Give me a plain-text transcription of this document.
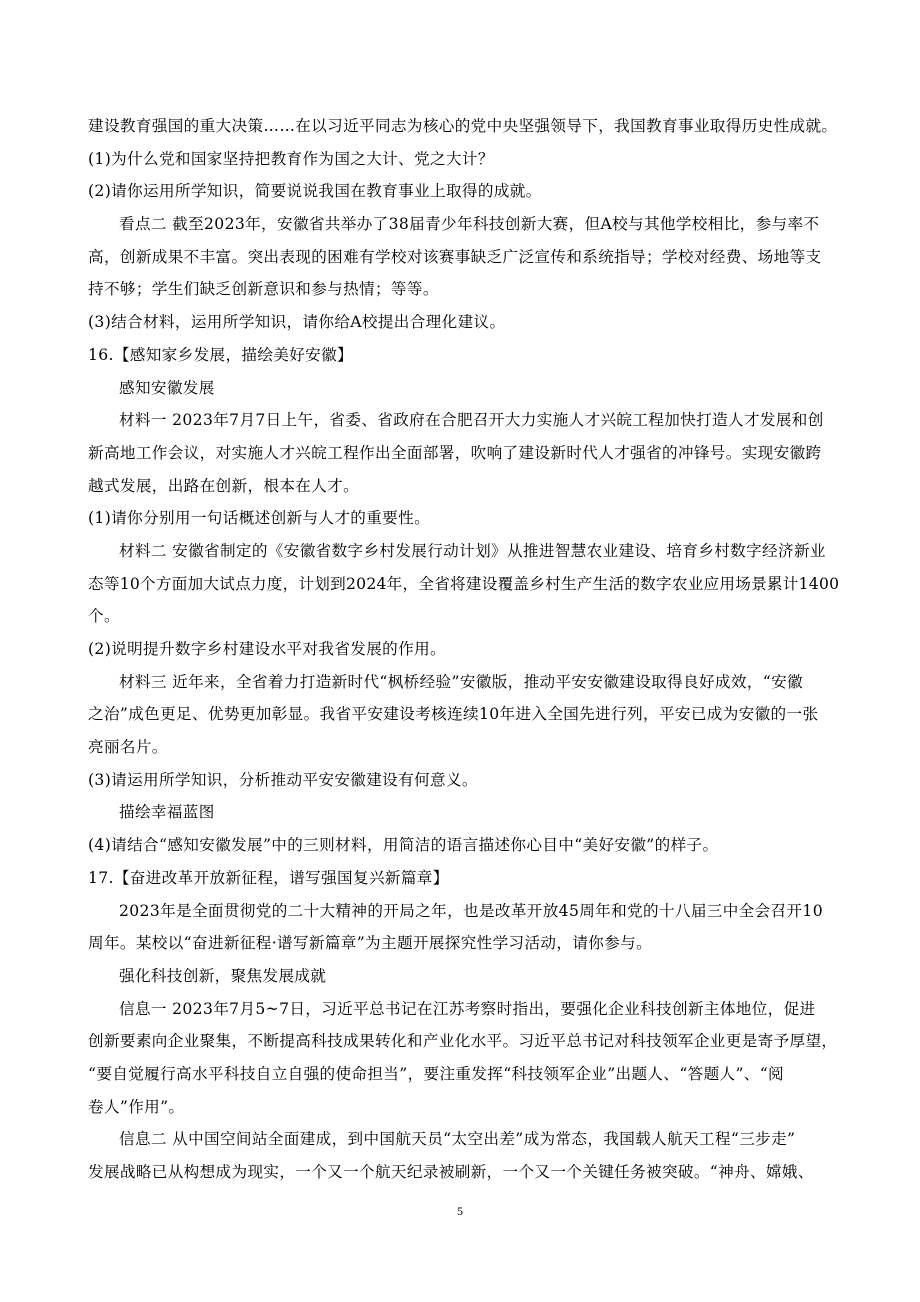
建设教育强国的重大决策……在以习近平同志为核心的党中央坚强领导下，我国教育事业取得历史性成就。
(1)为什么党和国家坚持把教育作为国之大计、党之大计？
(2)请你运用所学知识，简要说说我国在教育事业上取得的成就。
看点二 截至2023年，安徽省共举办了38届青少年科技创新大赛，但A校与其他学校相比，参与率不
高，创新成果不丰富。突出表现的困难有学校对该赛事缺乏广泛宣传和系统指导；学校对经费、场地等支
持不够；学生们缺乏创新意识和参与热情；等等。
(3)结合材料，运用所学知识，请你给A校提出合理化建议。
16.【感知家乡发展，描绘美好安徽】
感知安徽发展
材料一 2023年7月7日上午，省委、省政府在合肥召开大力实施人才兴皖工程加快打造人才发展和创
新高地工作会议，对实施人才兴皖工程作出全面部署，吹响了建设新时代人才强省的冲锋号。实现安徽跨
越式发展，出路在创新，根本在人才。
(1)请你分别用一句话概述创新与人才的重要性。
材料二 安徽省制定的《安徽省数字乡村发展行动计划》从推进智慧农业建设、培育乡村数字经济新业
态等10个方面加大试点力度，计划到2024年，全省将建设覆盖乡村生产生活的数字农业应用场景累计1400
个。
(2)说明提升数字乡村建设水平对我省发展的作用。
材料三 近年来，全省着力打造新时代“枫桥经验”安徽版，推动平安安徽建设取得良好成效，“安徽
之治”成色更足、优势更加彰显。我省平安建设考核连续10年进入全国先进行列，平安已成为安徽的一张
亮丽名片。
(3)请运用所学知识，分析推动平安安徽建设有何意义。
描绘幸福蓝图
(4)请结合“感知安徽发展”中的三则材料，用简洁的语言描述你心目中“美好安徽”的样子。
17.【奋进改革开放新征程，谱写强国复兴新篇章】
2023年是全面贯彻党的二十大精神的开局之年，也是改革开放45周年和党的十八届三中全会召开10
周年。某校以“奋进新征程·谱写新篇章”为主题开展探究性学习活动，请你参与。
强化科技创新，聚焦发展成就
信息一 2023年7月5~7日，习近平总书记在江苏考察时指出，要强化企业科技创新主体地位，促进
创新要素向企业聚集，不断提高科技成果转化和产业化水平。习近平总书记对科技领军企业更是寄予厚望，
“要自觉履行高水平科技自立自强的使命担当”，要注重发挥“科技领军企业”出题人、“答题人”、“阅
卷人”作用”。
信息二 从中国空间站全面建成，到中国航天员“太空出差”成为常态，我国载人航天工程“三步走”
发展战略已从构想成为现实，一个又一个航天纪录被刷新，一个又一个关键任务被突破。“神舟、嫦娥、
5
